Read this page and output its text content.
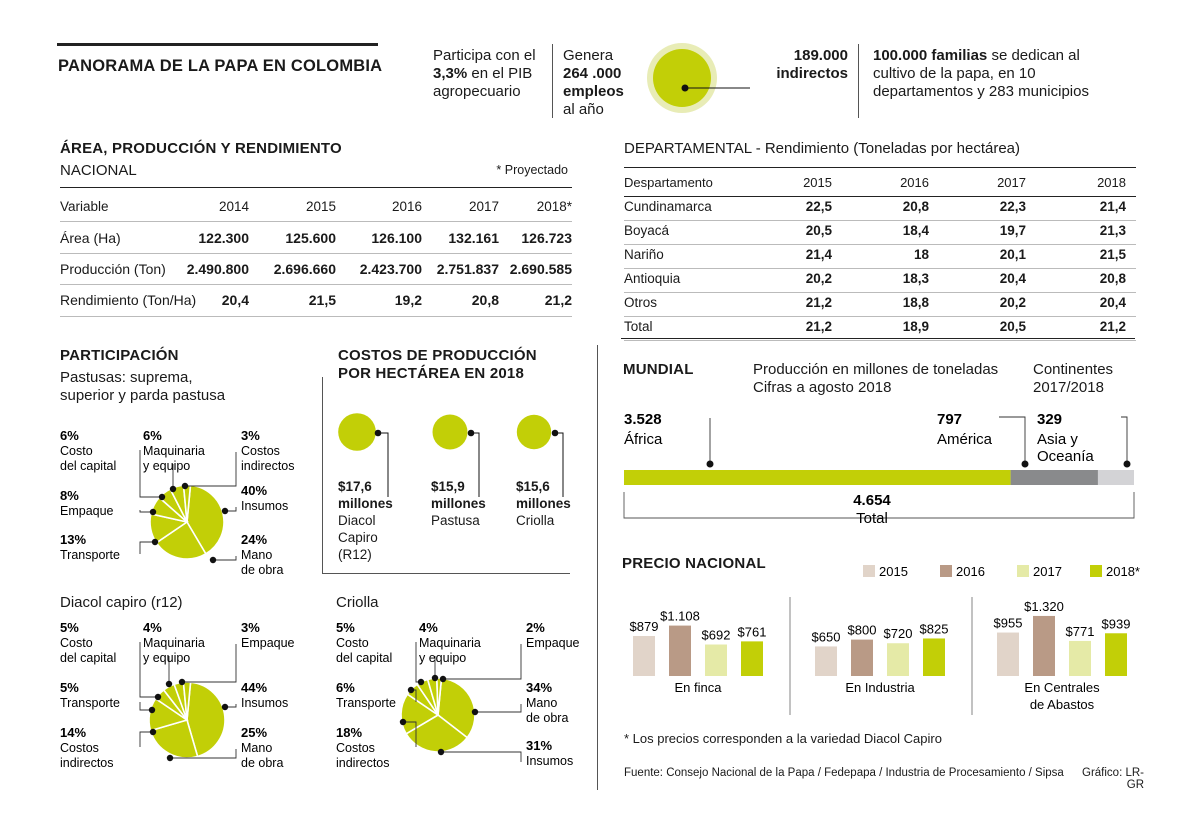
PANORAMA DE LA PAPA EN COLOMBIA
Participa con el
3,3% en el PIB
agropecuario
Genera
264 .000
empleos
al año
189.000
indirectos
100.000 familias se dedican al
cultivo de la papa, en 10
departamentos y 283 municipios
ÁREA, PRODUCCIÓN Y RENDIMIENTO
NACIONAL	* Proyectado
Variable	2014	2015	2016	2017	2018*
Área (Ha)	122.300	125.600	126.100 132.161 126.723
Producción (Ton) 2.490.800 2.696.660 2.423.700 2.751.837 2.690.585
Rendimiento (Ton/Ha) 20,4	21,5	19,2	20,8	21,2
DEPARTAMENTAL - Rendimiento (Toneladas por hectárea)
Despartamento	2015	2016	2017	2018
Cundinamarca	22,5	20,8	22,3	21,4
Boyacá	20,5	18,4	19,7	21,3
Nariño	21,4	18	20,1	21,5
Antioquia	20,2	18,3	20,4	20,8
Otros	21,2	18,8	20,2	20,4
Total	21,2	18,9	20,5	21,2
PARTICIPACIÓN
Pastusas: suprema,
superior y parda pastusa
40%
Insumos
24%
Mano
de obra
13%
Transporte
8%
Empaque
6%
Costo
del capital
6%
Maquinaria
y equipo
3%
Costos
indirectos
COSTOS DE PRODUCCIÓN
POR HECTÁREA EN 2018
$17,6
millones
Diacol
Capiro (R12)
$15,9
millones
Pastusa
$15,6
millones
Criolla
Diacol capiro (r12)
44%
Insumos
25%
Mano
de obra
14%
Costos
indirectos
5%
Transporte
5%
Costo
del capital
4%
Maquinaria
y equipo
3%
Empaque
Criolla
34%
Mano
de obra
31%
Insumos
18%
Costos
indirectos
6%
Transporte
5%
Costo
del capital
4%
Maquinaria
y equipo
2%
Empaque
MUNDIAL	Producción en millones de toneladas
Cifras a agosto 2018
Continentes
2017/2018
3.528
África
797
América
329
Asia y
Oceanía
4.654
Total
PRECIO NACIONAL	2015	2016	2017	2018*
$879
$1.108
$692 $761
En finca
$650 $800 $720 $825
En Industria
$955
$1.320
$771
$939
En Centrales
de Abastos
* Los precios corresponden a la variedad Diacol Capiro
Fuente: Consejo Nacional de la Papa / Fedepapa / Industria de Procesamiento / Sipsa	Gráfico: LR-GR
